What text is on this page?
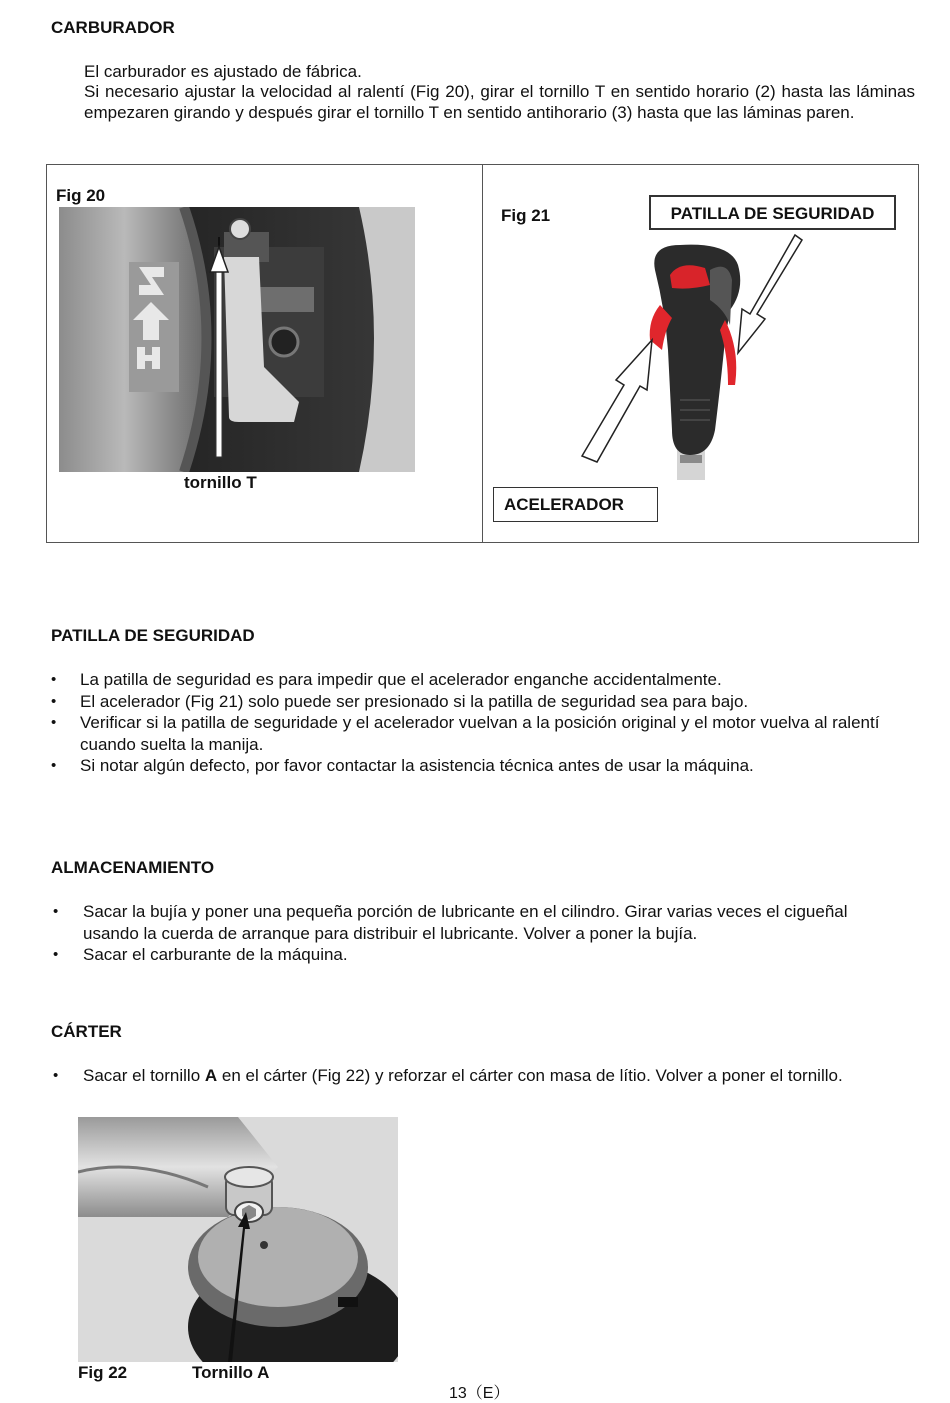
CARBURADOR
El carburador es ajustado de fábrica.
Si necesario ajustar la velocidad al ralentí (Fig 20), girar el tornillo T en sentido horario (2) hasta las láminas empezaren girando y después girar el tornillo T en sentido antihorario (3) hasta que las láminas paren.
Fig 20
tornillo T
Fig 21	PATILLA DE SEGURIDAD
ACELERADOR
PATILLA DE SEGURIDAD
• La patilla de seguridad es para impedir que el acelerador enganche accidentalmente.
• El acelerador (Fig 21) solo puede ser presionado si la patilla de seguridad sea para bajo.
• Verificar si la patilla de seguridade y el acelerador vuelvan a la posición original y el motor vuelva al ralentí cuando suelta la manija.
• Si notar algún defecto, por favor contactar la asistencia técnica antes de usar la máquina.
ALMACENAMIENTO
• Sacar la bujía y poner una pequeña porción de lubricante en el cilindro. Girar varias veces el cigueñal usando la cuerda de arranque para distribuir el lubricante. Volver a poner la bujía.
• Sacar el carburante de la máquina.
CÁRTER
• Sacar el tornillo A en el cárter (Fig 22) y reforzar el cárter con masa de lítio. Volver a poner el tornillo.
Fig 22	Tornillo A
13（E）
